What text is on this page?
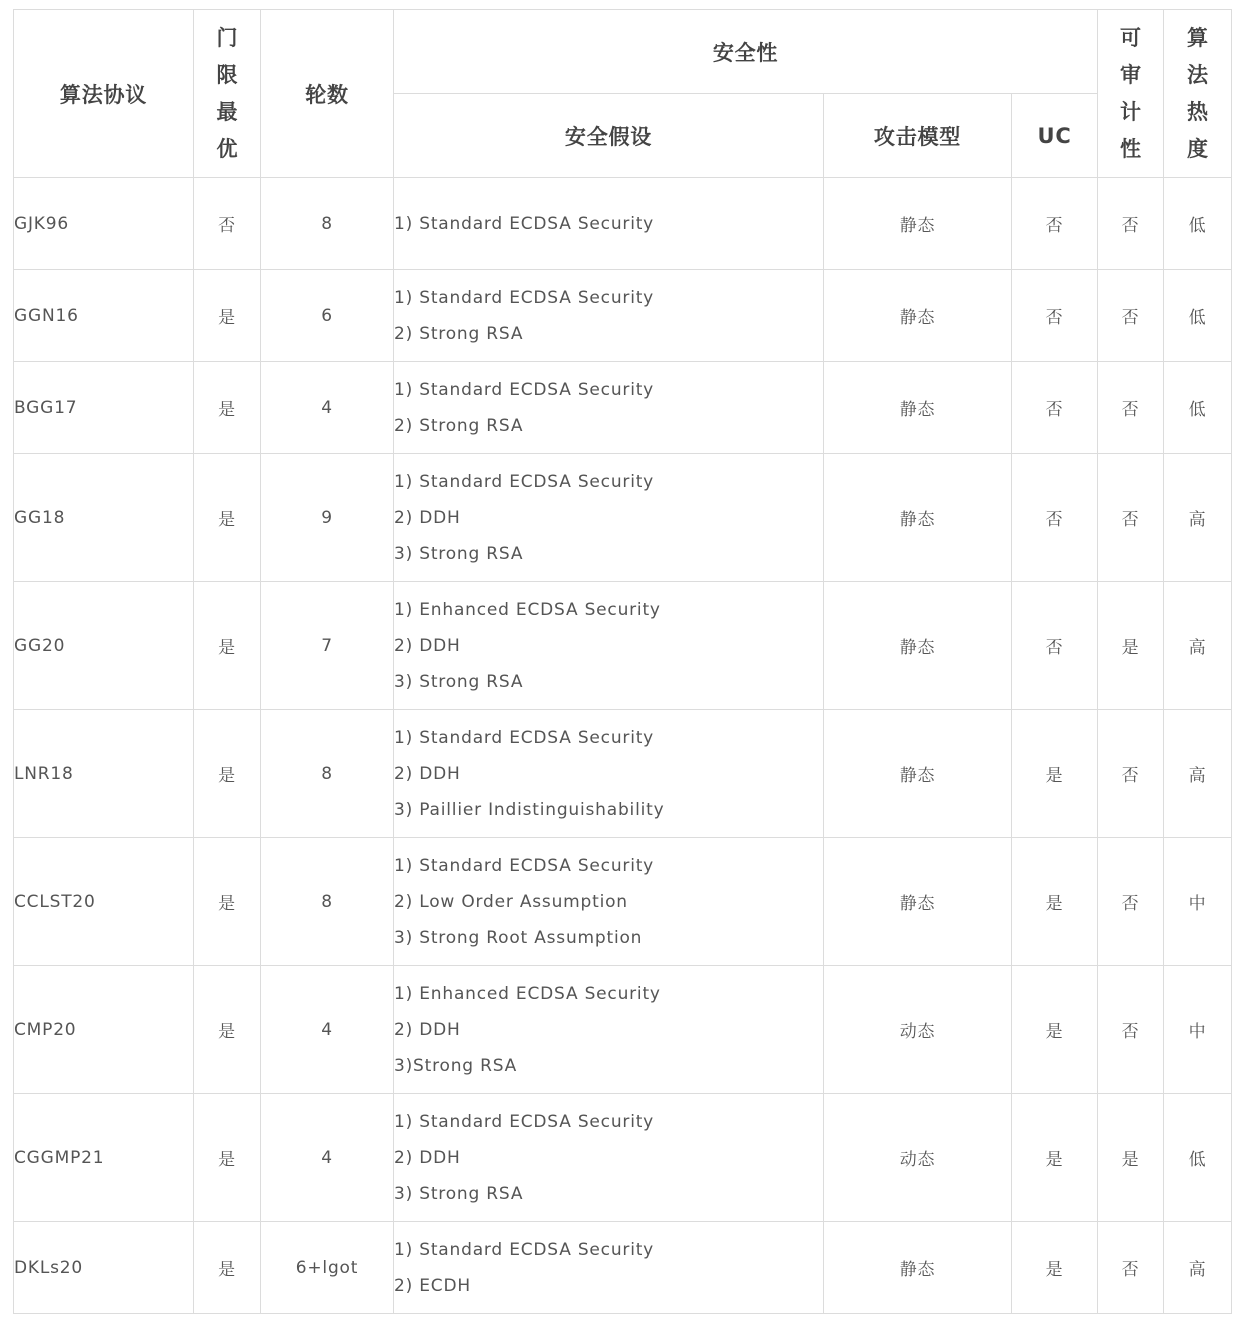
算法协议	门
限
最
优	轮数	安全性			可
审
计
性	算
法
热
度

			安全假设	攻击模型	UC		
GJK96	否	8	1) Standard ECDSA Security	静态	否	否	低
GGN16	是	6	1) Standard ECDSA Security
2) Strong RSA	静态	否	否	低
BGG17	是	4	1) Standard ECDSA Security
2) Strong RSA	静态	否	否	低
GG18	是	9	1) Standard ECDSA Security
2) DDH
3) Strong RSA	静态	否	否	高
GG20	是	7	1) Enhanced ECDSA Security
2) DDH
3) Strong RSA	静态	否	是	高
LNR18	是	8	1) Standard ECDSA Security
2) DDH
3) Paillier Indistinguishability	静态	是	否	高
CCLST20	是	8	1) Standard ECDSA Security
2) Low Order Assumption
3) Strong Root Assumption	静态	是	否	中
CMP20	是	4	1) Enhanced ECDSA Security
2) DDH
3)Strong RSA	动态	是	否	中
CGGMP21	是	4	1) Standard ECDSA Security
2) DDH
3) Strong RSA	动态	是	是	低
DKLs20	是	6+lgot	1) Standard ECDSA Security
2) ECDH	静态	是	否	高
